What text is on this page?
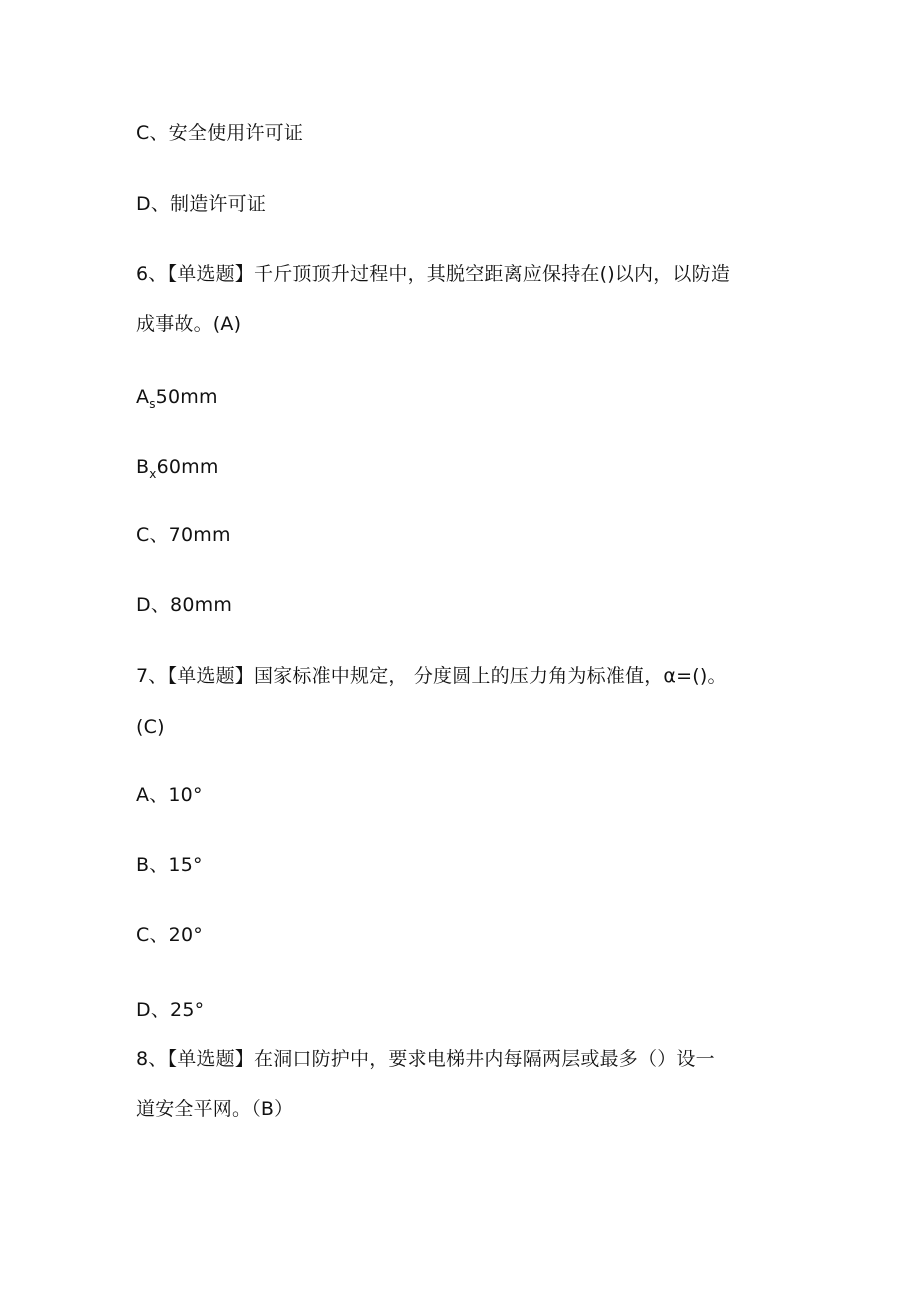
C、安全使用许可证
D、制造许可证
6、【单选题】千斤顶顶升过程中，其脱空距离应保持在()以内，以防造
成事故。(A)
$A_s50mm$
$B_x60mm$
C、70mm
D、80mm
7、【单选题】国家标准中规定， 分度圆上的压力角为标准值，α=()。
(C)
A、10°
B、15°
C、20°
D、25°
8、【单选题】在洞口防护中，要求电梯井内每隔两层或最多（）设一
道安全平网。（B）
